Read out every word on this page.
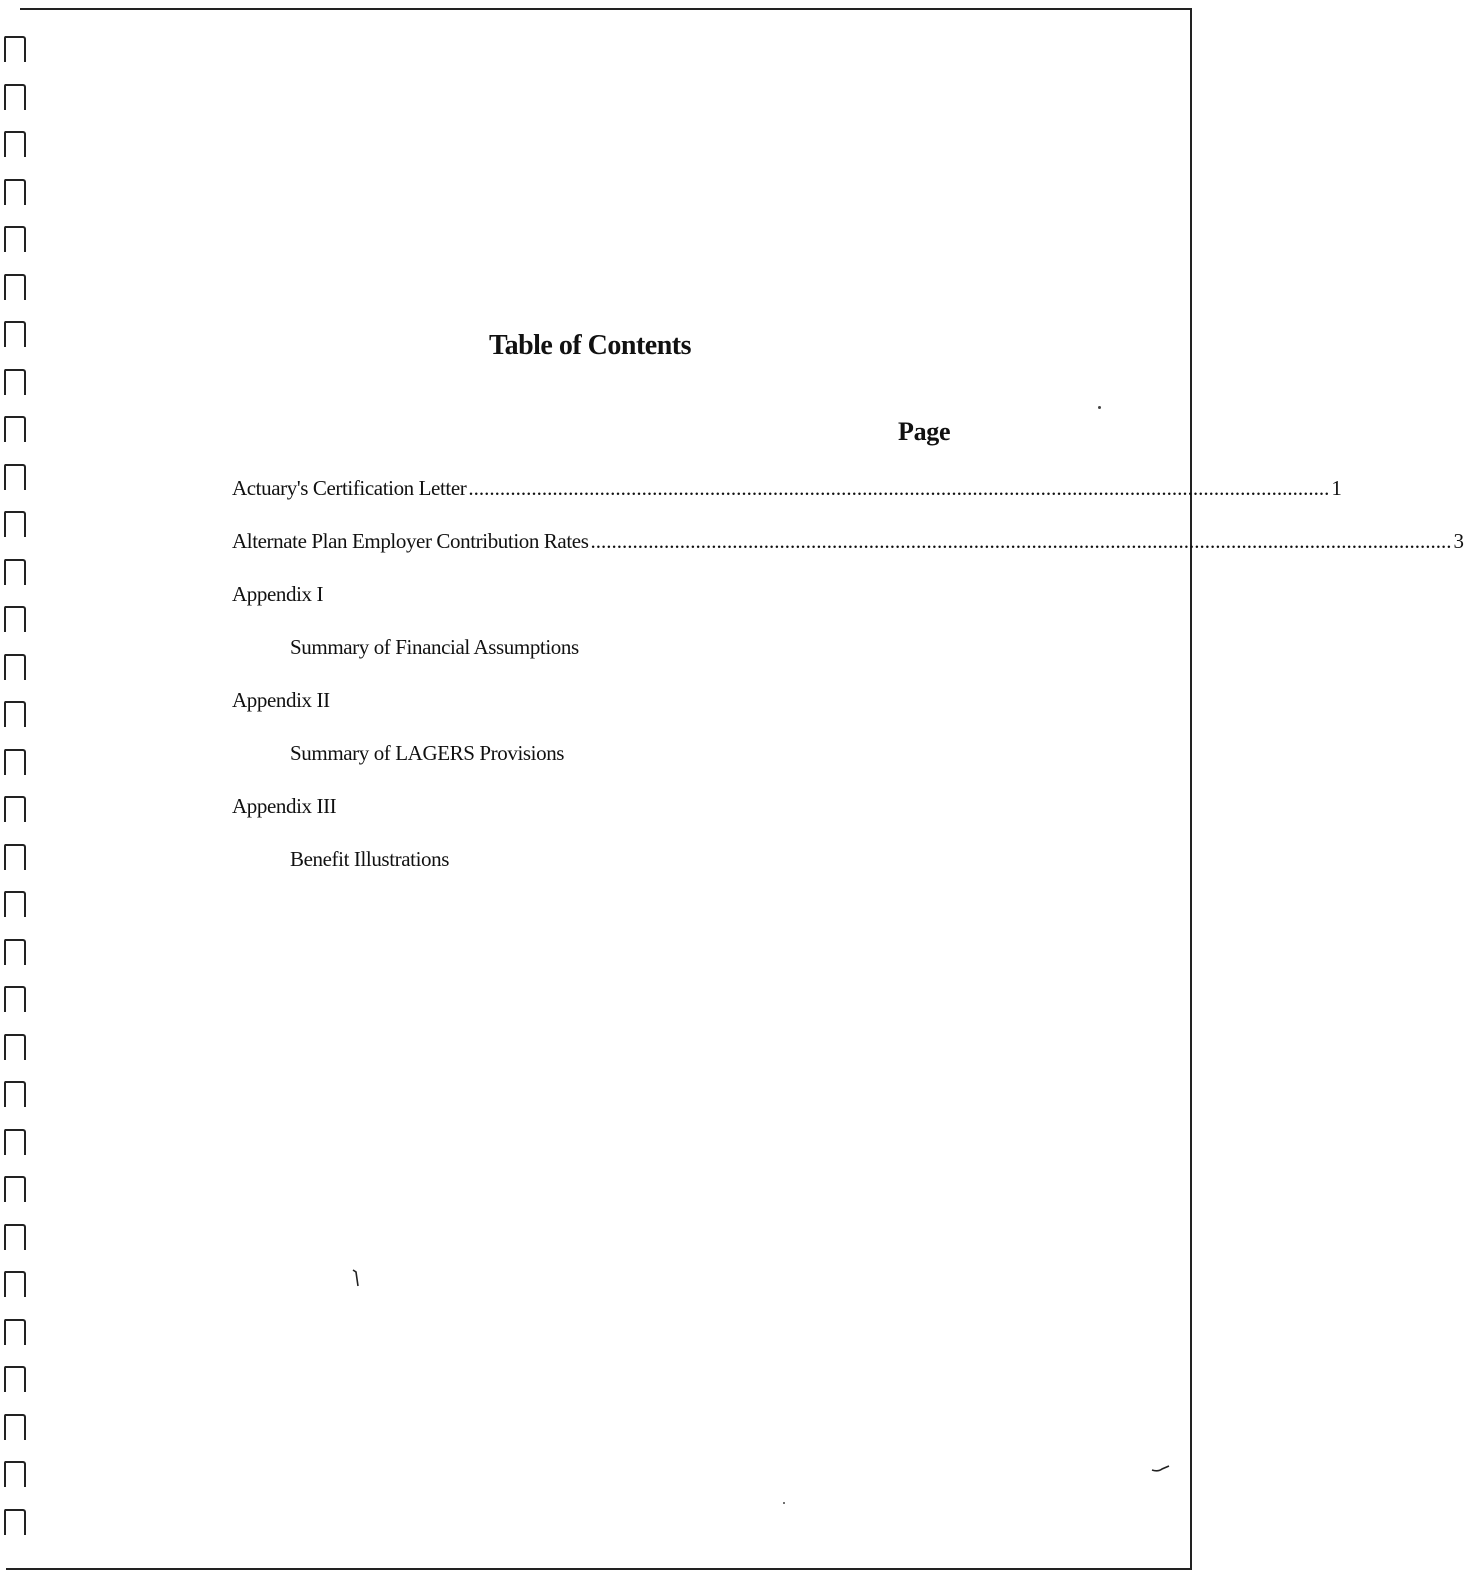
Table of Contents
Page
Actuary's Certification Letter .................................................................................................................................................................... 1
Alternate Plan Employer Contribution Rates .................................................................................................................................................................... 3
Appendix I
Summary of Financial Assumptions
Appendix II
Summary of LAGERS Provisions
Appendix III
Benefit Illustrations
